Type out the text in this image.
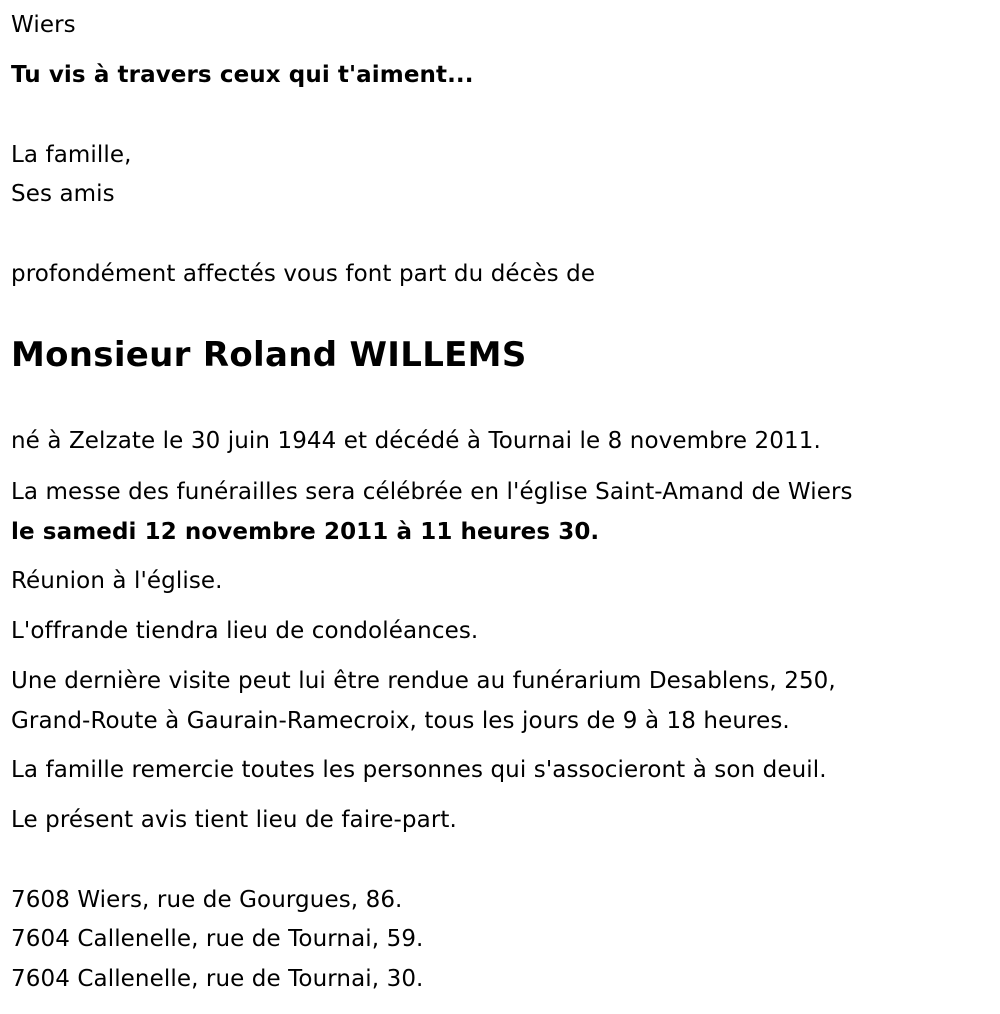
Wiers
Tu vis à travers ceux qui t'aiment...
La famille,
Ses amis
profondément affectés vous font part du décès de
Monsieur Roland WILLEMS
né à Zelzate le 30 juin 1944 et décédé à Tournai le 8 novembre 2011.
La messe des funérailles sera célébrée en l'église Saint-Amand de Wiers
le samedi 12 novembre 2011 à 11 heures 30.
Réunion à l'église.
L'offrande tiendra lieu de condoléances.
Une dernière visite peut lui être rendue au funérarium Desablens, 250,
Grand-Route à Gaurain-Ramecroix, tous les jours de 9 à 18 heures.
La famille remercie toutes les personnes qui s'associeront à son deuil.
Le présent avis tient lieu de faire-part.
7608 Wiers, rue de Gourgues, 86.
7604 Callenelle, rue de Tournai, 59.
7604 Callenelle, rue de Tournai, 30.
